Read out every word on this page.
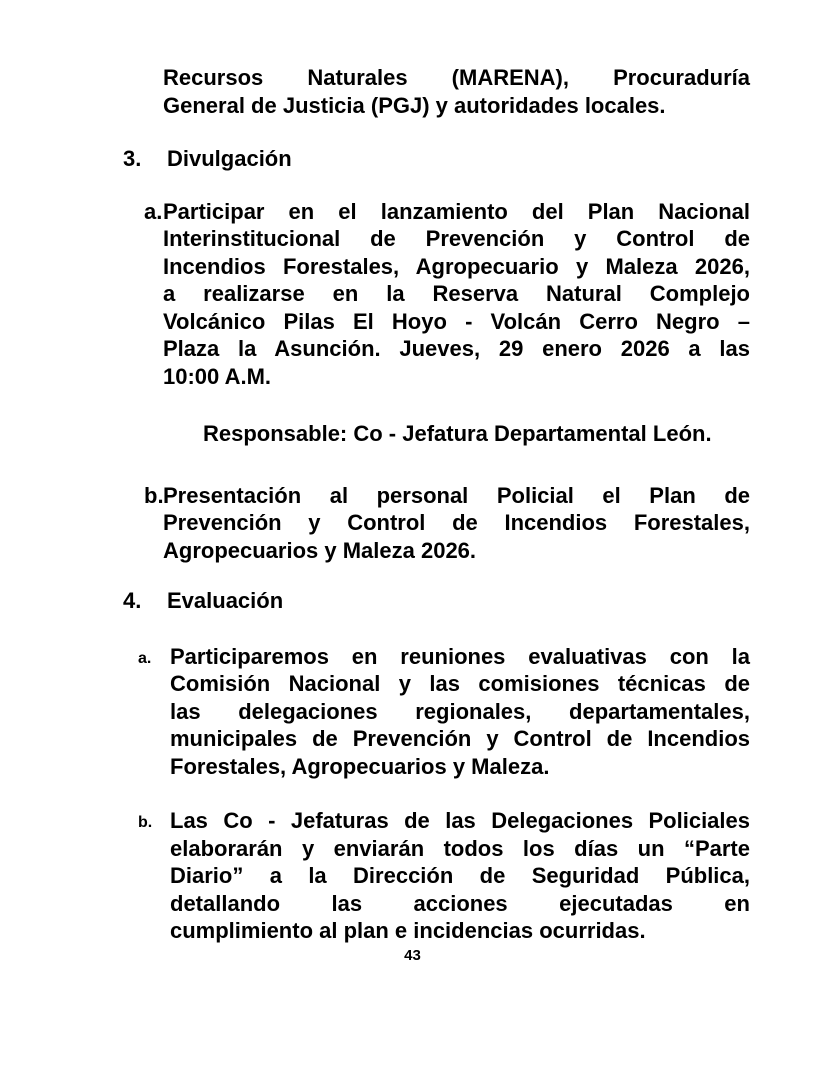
Recursos Naturales (MARENA), Procuraduría
General de Justicia (PGJ) y autoridades locales.
3.	Divulgación
a. Participar en el lanzamiento del Plan Nacional
Interinstitucional de Prevención y Control de
Incendios Forestales, Agropecuario y Maleza 2026,
a realizarse en la Reserva Natural Complejo
Volcánico Pilas El Hoyo - Volcán Cerro Negro –
Plaza la Asunción. Jueves, 29 enero 2026 a las
10:00 A.M.
Responsable: Co - Jefatura Departamental León.
b. Presentación al personal Policial el Plan de
Prevención y Control de Incendios Forestales,
Agropecuarios y Maleza 2026.
4.	Evaluación
a. Participaremos en reuniones evaluativas con la
Comisión Nacional y las comisiones técnicas de
las delegaciones regionales, departamentales,
municipales de Prevención y Control de Incendios
Forestales, Agropecuarios y Maleza.
b. Las Co - Jefaturas de las Delegaciones Policiales
elaborarán y enviarán todos los días un “Parte
Diario” a la Dirección de Seguridad Pública,
detallando las acciones ejecutadas en
cumplimiento al plan e incidencias ocurridas.
43
